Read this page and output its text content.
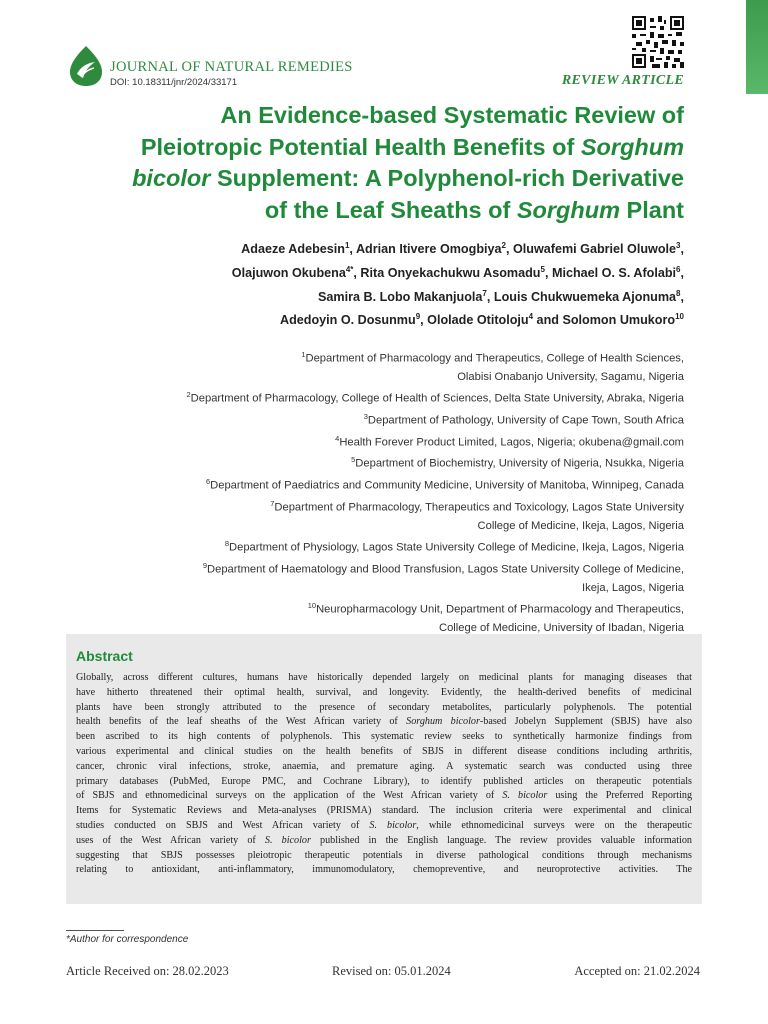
JOURNAL OF NATURAL REMEDIES
DOI: 10.18311/jnr/2024/33171	REVIEW ARTICLE
An Evidence-based Systematic Review of
Pleiotropic Potential Health Benefits of Sorghum
bicolor Supplement: A Polyphenol-rich Derivative
of the Leaf Sheaths of Sorghum Plant
Adaeze Adebesin$^1$, Adrian Itivere Omogbiya$^2$, Oluwafemi Gabriel Oluwole$^3$,
Olajuwon Okubena$^{4*}$, Rita Onyekachukwu Asomadu$^5$, Michael O. S. Afolabi$^6$,
Samira B. Lobo Makanjuola$^7$, Louis Chukwuemeka Ajonuma$^8$,
Adedoyin O. Dosunmu$^9$, Ololade Otitoloju$^4$ and Solomon Umukoro$^{10}$
$^1$Department of Pharmacology and Therapeutics, College of Health Sciences,
Olabisi Onabanjo University, Sagamu, Nigeria
$^2$Department of Pharmacology, College of Health of Sciences, Delta State University, Abraka, Nigeria
$^3$Department of Pathology, University of Cape Town, South Africa
$^4$Health Forever Product Limited, Lagos, Nigeria; okubena@gmail.com
$^5$Department of Biochemistry, University of Nigeria, Nsukka, Nigeria
$^6$Department of Paediatrics and Community Medicine, University of Manitoba, Winnipeg, Canada
$^7$Department of Pharmacology, Therapeutics and Toxicology, Lagos State University
College of Medicine, Ikeja, Lagos, Nigeria
$^8$Department of Physiology, Lagos State University College of Medicine, Ikeja, Lagos, Nigeria
$^9$Department of Haematology and Blood Transfusion, Lagos State University College of Medicine,
Ikeja, Lagos, Nigeria
$^{10}$Neuropharmacology Unit, Department of Pharmacology and Therapeutics,
College of Medicine, University of Ibadan, Nigeria
Abstract
Globally, across different cultures, humans have historically depended largely on medicinal plants for managing diseases that
have hitherto threatened their optimal health, survival, and longevity. Evidently, the health-derived benefits of medicinal
plants have been strongly attributed to the presence of secondary metabolites, particularly polyphenols. The potential
health benefits of the leaf sheaths of the West African variety of Sorghum bicolor-based Jobelyn Supplement (SBJS) have also
been ascribed to its high contents of polyphenols. This systematic review seeks to synthetically harmonize findings from
various experimental and clinical studies on the health benefits of SBJS in different disease conditions including arthritis,
cancer, chronic viral infections, stroke, anaemia, and premature aging. A systematic search was conducted using three
primary databases (PubMed, Europe PMC, and Cochrane Library), to identify published articles on therapeutic potentials
of SBJS and ethnomedicinal surveys on the application of the West African variety of S. bicolor using the Preferred Reporting
Items for Systematic Reviews and Meta-analyses (PRISMA) standard. The inclusion criteria were experimental and clinical
studies conducted on SBJS and West African variety of S. bicolor, while ethnomedicinal surveys were on the therapeutic
uses of the West African variety of S. bicolor published in the English language. The review provides valuable information
suggesting that SBJS possesses pleiotropic therapeutic potentials in diverse pathological conditions through mechanisms
relating to antioxidant, anti-inflammatory, immunomodulatory, chemopreventive, and neuroprotective activities. The
*Author for correspondence
Article Received on: 28.02.2023	Revised on: 05.01.2024	Accepted on: 21.02.2024
